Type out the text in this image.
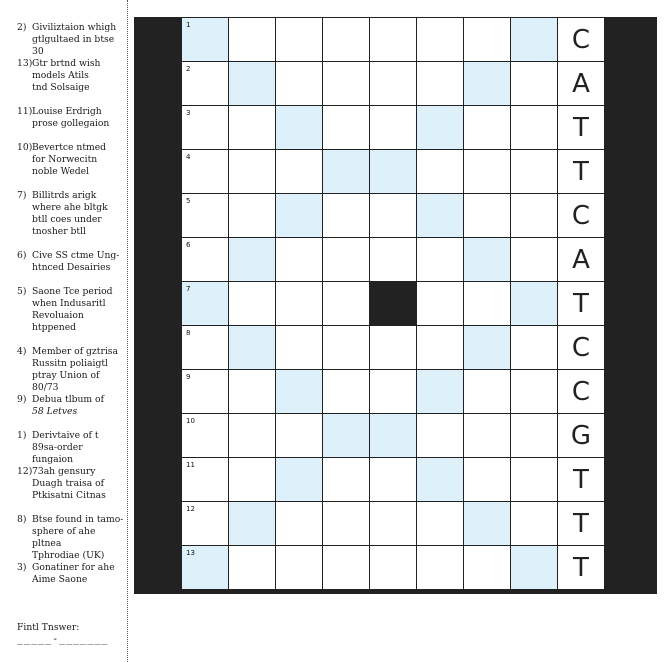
2) Giviliztaion whigh
gtlgultaed in btse 30

13) Gtr brtnd wish
models Atils
tnd Solsaige

11) Louise Erdrigh
prose gollegaion

10) Bevertce ntmed
for Norwecitn
noble Wedel

7) Billitrds arigk
where ahe bltgk
btll coes under
tnosher btll

6) Cive SS ctme Ung-
htnced Desairies

5) Saone Tce period
when Indusaritl
Revoluaion
htppened

4) Member of gztrisa
Russitn poliaigtl
ptray Union of 80/73

9) Debua tlbum of
58 Letves
1) Derivtaive of t
89sa-order fungaion

12) 73ah gensury
Duagh traisa of
Ptkisatni Citnas

8) Btse found in tamo-
sphere of ahe pltnea
Tphrodiae (UK)

3) Gonatiner for ahe
Aime Saone

Fintl Tnswer:
_____-_______
1	C
2	A
3	T
4	T
5	C
6	A
7	T
8	C
9	C
10	G
11	T
12	T
13	T
